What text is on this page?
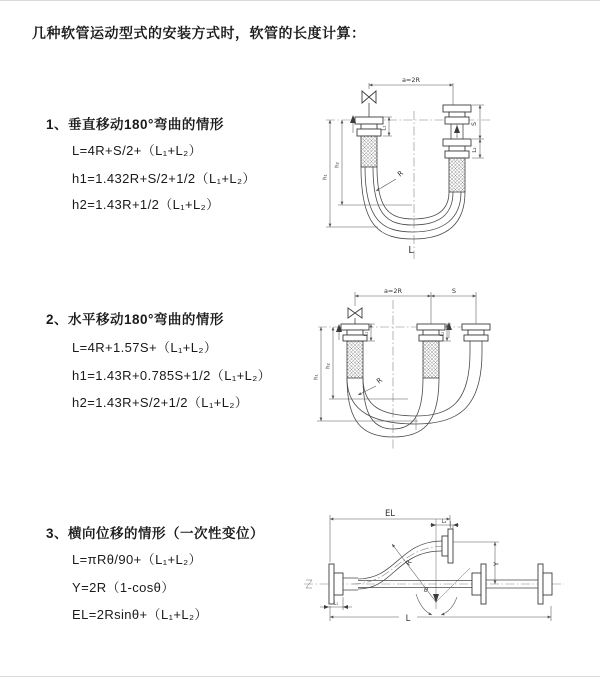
几种软管运动型式的安装方式时，软管的长度计算：
1、垂直移动180°弯曲的情形
L=4R+S/2+（L₁+L₂）
h1=1.432R+S/2+1/2（L₁+L₂）
h2=1.43R+1/2（L₁+L₂）
a=2R
S
L₂
L₁
h₁
h₂
R
L
2、水平移动180°弯曲的情形
L=4R+1.57S+（L₁+L₂）
h1=1.43R+0.785S+1/2（L₁+L₂）
h2=1.43R+S/2+1/2（L₁+L₂）
a=2R	S
L₁	L₂
h₁
h₂
R
3、横向位移的情形（一次性变位）
L=πRθ/90+（L₁+L₂）
Y=2R（1-cosθ）
EL=2Rsinθ+（L₁+L₂）
EL
L₂
Y
R
θ
L
L₁
